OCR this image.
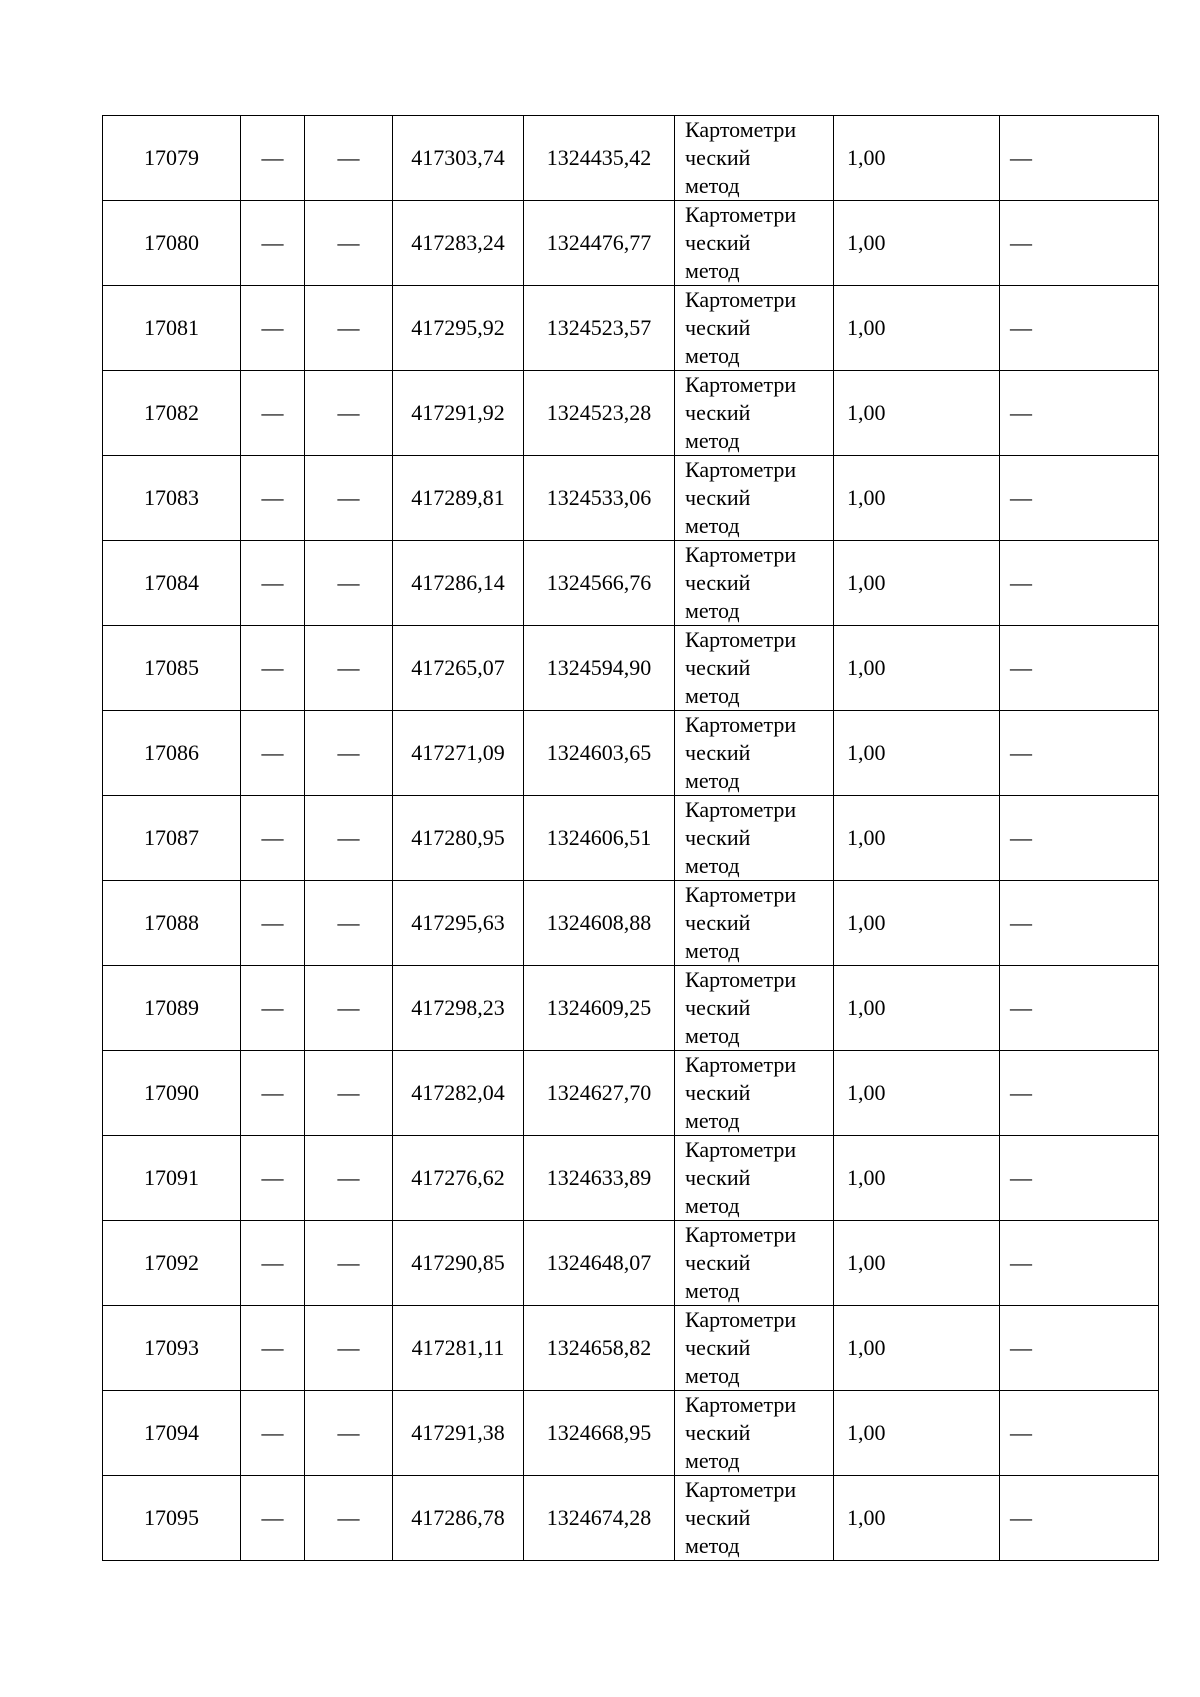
17079	—	—	417303,74	1324435,42	Картометри
ческий
метод	1,00	—
17080	—	—	417283,24	1324476,77	Картометри
ческий
метод	1,00	—
17081	—	—	417295,92	1324523,57	Картометри
ческий
метод	1,00	—
17082	—	—	417291,92	1324523,28	Картометри
ческий
метод	1,00	—
17083	—	—	417289,81	1324533,06	Картометри
ческий
метод	1,00	—
17084	—	—	417286,14	1324566,76	Картометри
ческий
метод	1,00	—
17085	—	—	417265,07	1324594,90	Картометри
ческий
метод	1,00	—
17086	—	—	417271,09	1324603,65	Картометри
ческий
метод	1,00	—
17087	—	—	417280,95	1324606,51	Картометри
ческий
метод	1,00	—
17088	—	—	417295,63	1324608,88	Картометри
ческий
метод	1,00	—
17089	—	—	417298,23	1324609,25	Картометри
ческий
метод	1,00	—
17090	—	—	417282,04	1324627,70	Картометри
ческий
метод	1,00	—
17091	—	—	417276,62	1324633,89	Картометри
ческий
метод	1,00	—
17092	—	—	417290,85	1324648,07	Картометри
ческий
метод	1,00	—
17093	—	—	417281,11	1324658,82	Картометри
ческий
метод	1,00	—
17094	—	—	417291,38	1324668,95	Картометри
ческий
метод	1,00	—
17095	—	—	417286,78	1324674,28	Картометри
ческий
метод	1,00	—
